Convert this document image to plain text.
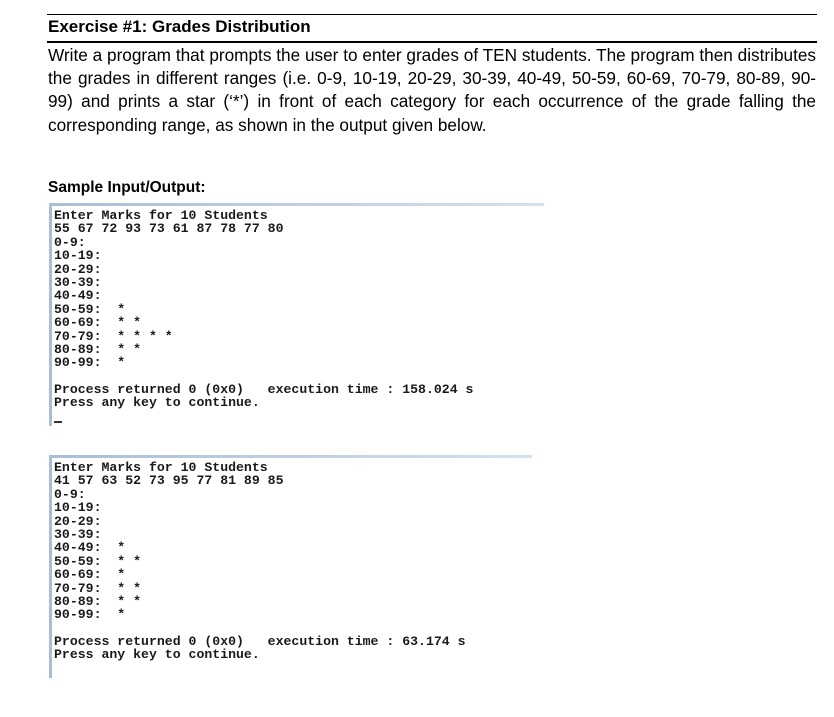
Exercise #1: Grades Distribution
Write a program that prompts the user to enter grades of TEN students. The program then distributes the grades in different ranges (i.e. 0-9, 10-19, 20-29, 30-39, 40-49, 50-59, 60-69, 70-79, 80-89, 90-99) and prints a star (‘*’) in front of each category for each occurrence of the grade falling the corresponding range, as shown in the output given below.
Sample Input/Output:
Enter Marks for 10 Students
55 67 72 93 73 61 87 78 77 80
0-9:
10-19:
20-29:
30-39:
40-49:
50-59:  *
60-69:  * *
70-79:  * * * *
80-89:  * *
90-99:  *
Process returned 0 (0x0)   execution time : 158.024 s
Press any key to continue.
Enter Marks for 10 Students
41 57 63 52 73 95 77 81 89 85
0-9:
10-19:
20-29:
30-39:
40-49:  *
50-59:  * *
60-69:  *
70-79:  * *
80-89:  * *
90-99:  *
Process returned 0 (0x0)   execution time : 63.174 s
Press any key to continue.
